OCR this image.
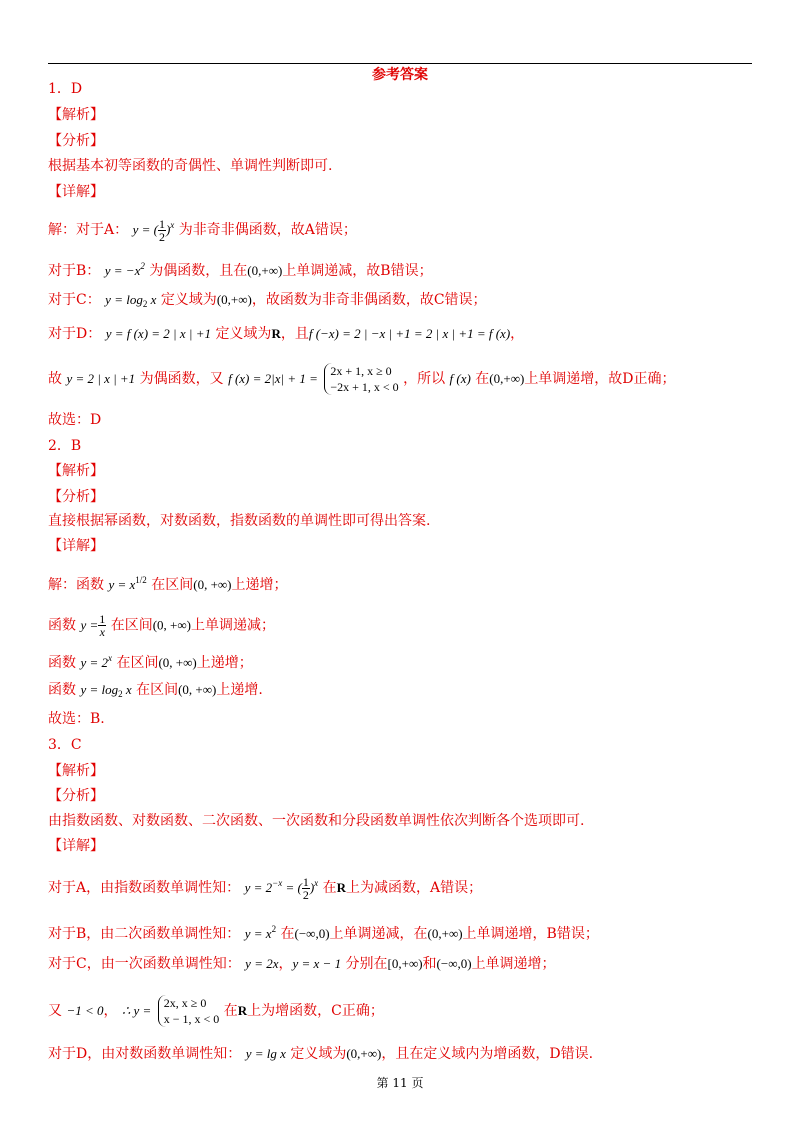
参考答案
1．D
【解析】
【分析】
根据基本初等函数的奇偶性、单调性判断即可.
【详解】
解：对于A： y = ( $\frac{1}{2} )^x$ 为非奇非偶函数，故A错误；
对于B： $y = -x^2$ 为偶函数，且在(0,+∞)上单调递减，故B错误；
对于C： $y = \log_2 x$ 定义域为(0,+∞)，故函数为非奇非偶函数，故C错误；
对于D： y = f (x) = 2 | x | +1 定义域为R，且f (−x) = 2 | −x | +1 = 2 | x | +1 = f (x)，
故 y = 2 | x | +1 为偶函数，又 f (x) = 2|x| + 1 = 2x + 1, x ≥ 0
−2x + 1, x < 0 ，所以 f (x) 在(0,+∞)上单调递增，故D正确；
故选：D
2．B
【解析】
【分析】
直接根据幂函数，对数函数，指数函数的单调性即可得出答案.
【详解】
解：函数 $y = x^{1/2}$ 在区间(0, +∞)上递增；
函数 $y = \frac{1}{x}$ 在区间(0, +∞)上单调递减；
函数 $y = 2^x$ 在区间(0, +∞)上递增；
函数 $y = \log_2 x$ 在区间(0, +∞)上递增.
故选：B.
3．C
【解析】
【分析】
由指数函数、对数函数、二次函数、一次函数和分段函数单调性依次判断各个选项即可.
【详解】
对于A，由指数函数单调性知： $y = 2^{-x}$ = ( $\frac{1}{2} )^x$ 在R上为减函数，A错误；
对于B，由二次函数单调性知： $y = x^2$ 在(−∞,0)上单调递减，在(0,+∞)上单调递增，B错误；
对于C，由一次函数单调性知： y = 2x，y = x − 1 分别在[0,+∞)和(−∞,0)上单调递增；
又 −1 < 0， ∴ y = 2x, x ≥ 0
x − 1, x < 0 在R上为增函数，C正确；
对于D，由对数函数单调性知： y = lg x 定义域为(0,+∞)，且在定义域内为增函数，D错误.
第 11 页
